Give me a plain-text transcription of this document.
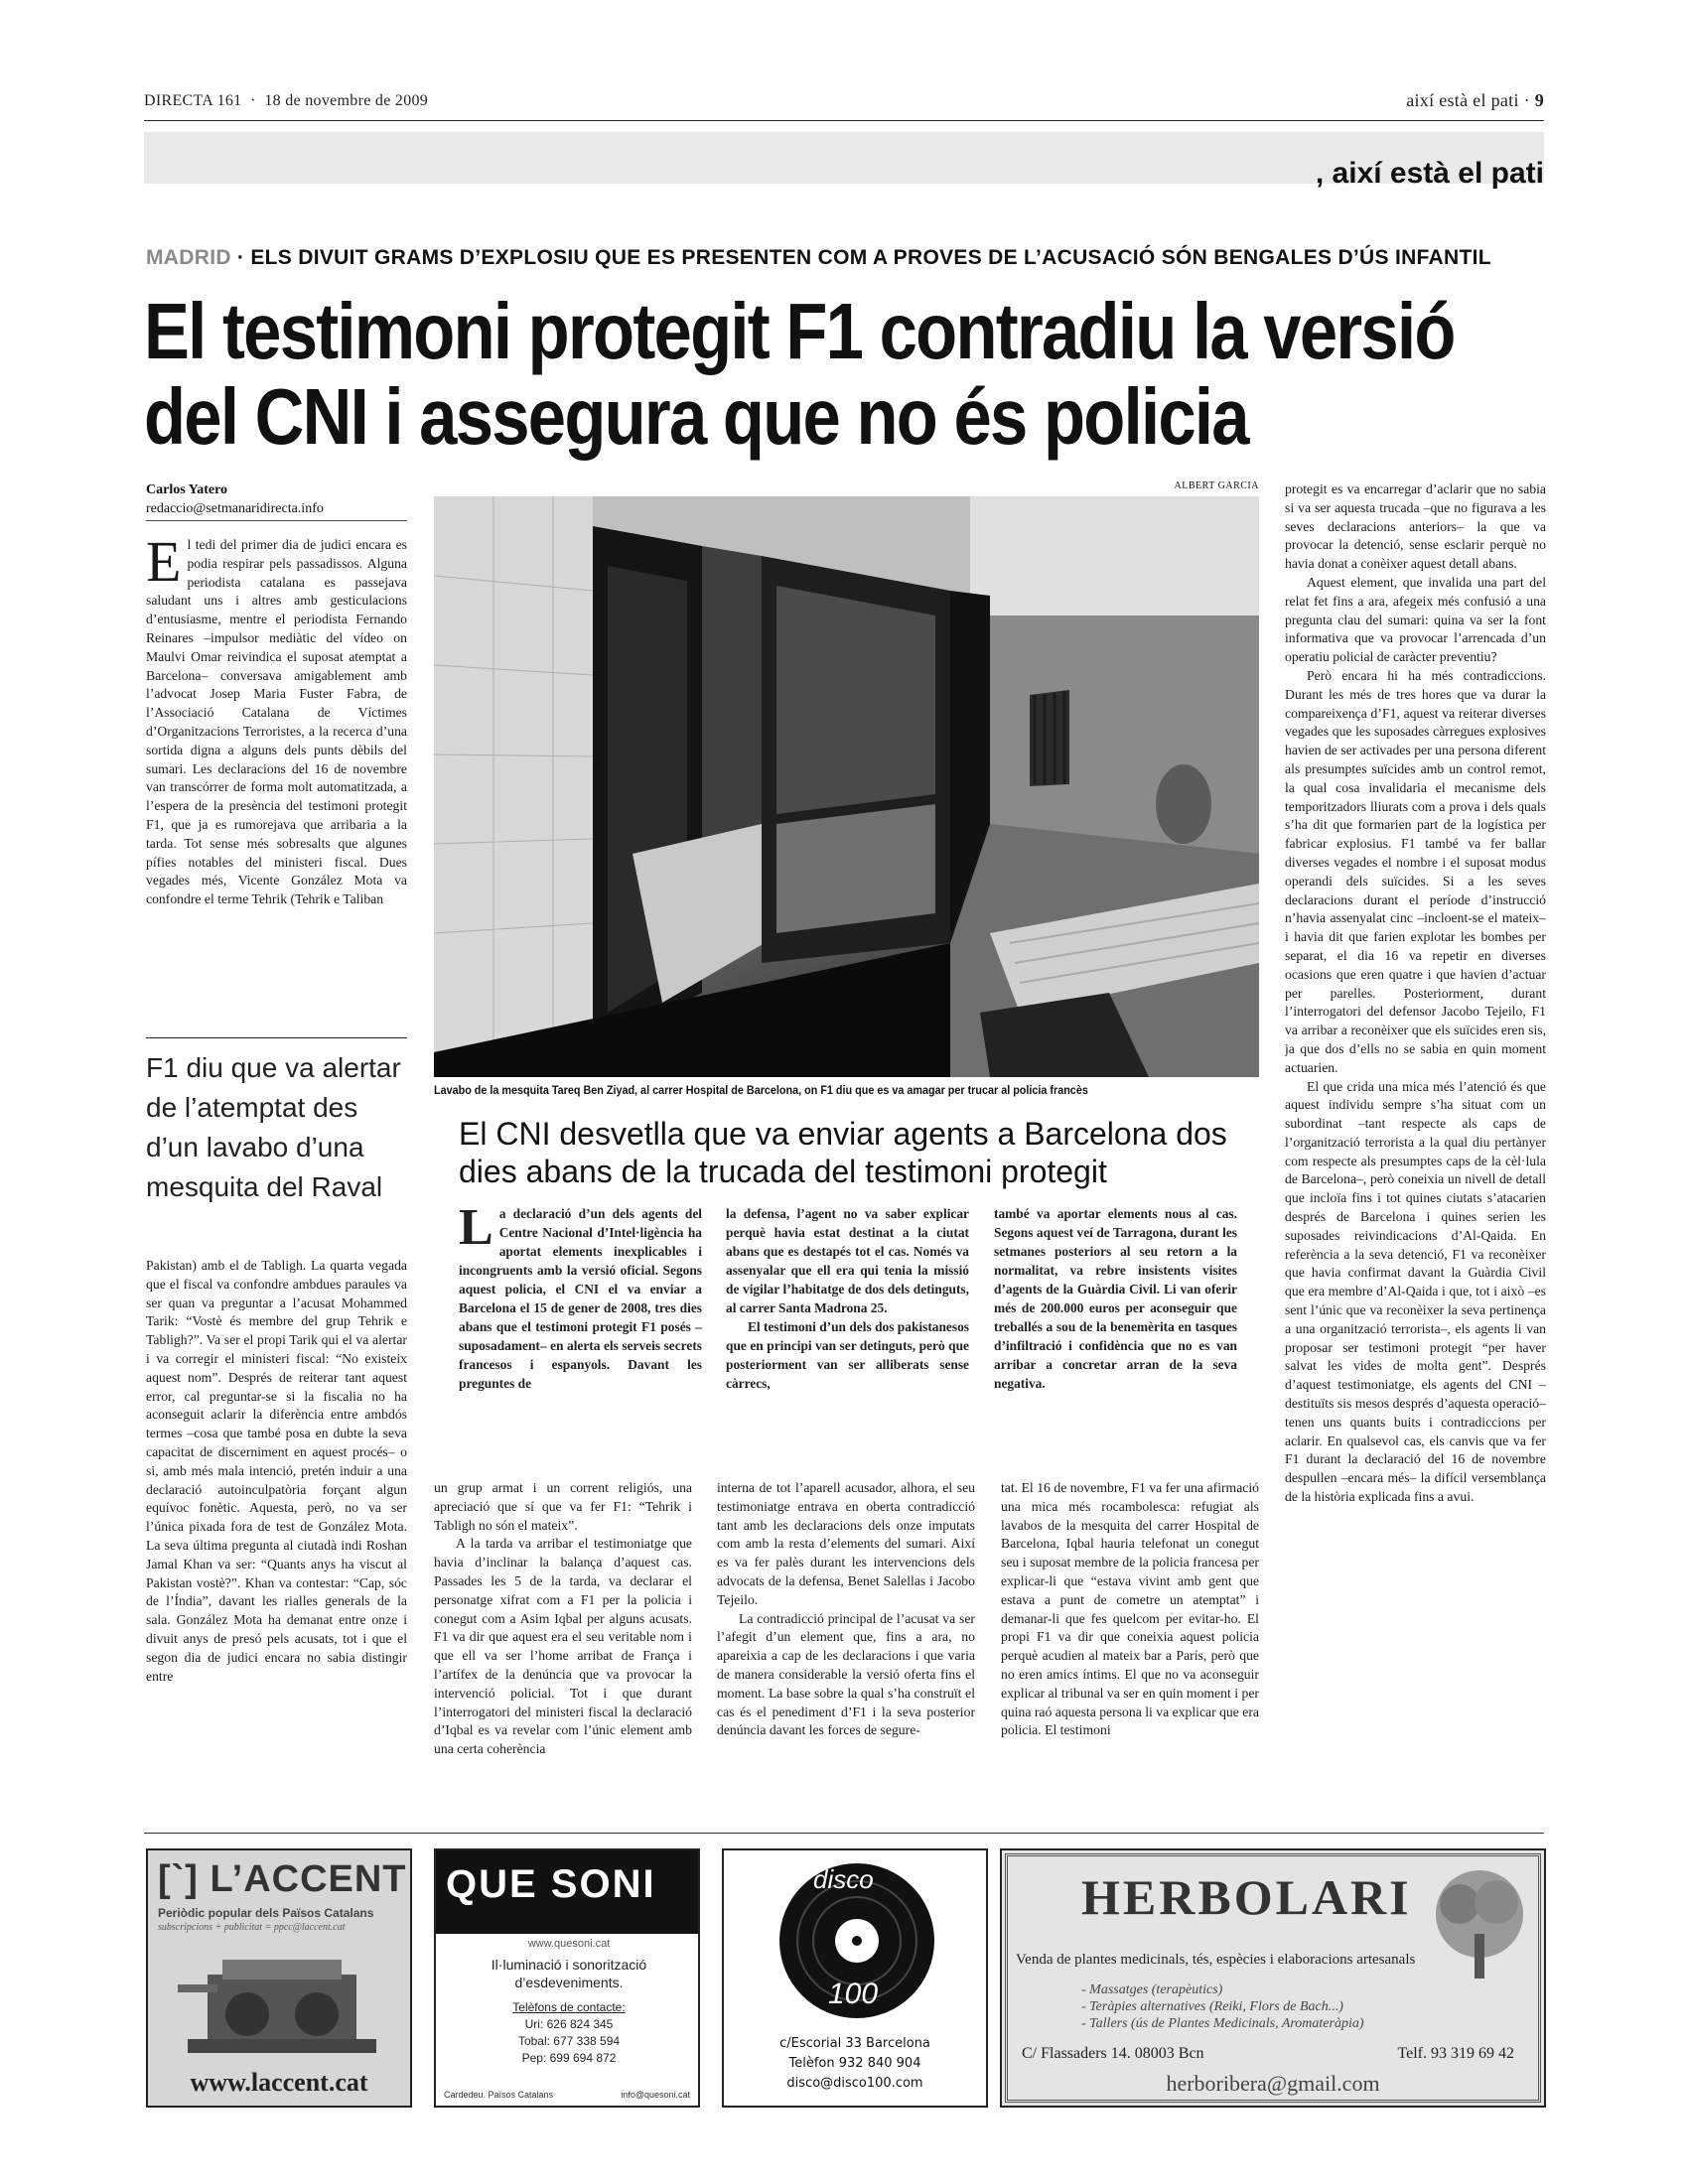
DIRECTA 161 · 18 de novembre de 2009	així està el pati · 9
, així està el pati
MADRID · ELS DIVUIT GRAMS D’EXPLOSIU QUE ES PRESENTEN COM A PROVES DE L’ACUSACIÓ SÓN BENGALES D’ÚS INFANTIL
El testimoni protegit F1 contradiu la versió
del CNI i assegura que no és policia
Carlos Yatero
redaccio@setmanaridirecta.info
E l tedi del primer dia de judici encara es podia respirar pels passadissos. Alguna periodista catalana es passejava saludant uns i altres amb gesticulacions d’entusiasme, mentre el periodista Fernando Reinares –impulsor mediàtic del vídeo on Maulvi Omar reivindica el suposat atemptat a Barcelona– conversava amigablement amb l’advocat Josep Maria Fuster Fabra, de l’Associació Catalana de Víctimes d’Organitzacions Terroristes, a la recerca d’una sortida digna a alguns dels punts dèbils del sumari. Les declaracions del 16 de novembre van transcórrer de forma molt automatitzada, a l’espera de la presència del testimoni protegit F1, que ja es rumorejava que arribaria a la tarda. Tot sense més sobresalts que algunes pífies notables del ministeri fiscal. Dues vegades més, Vicente González Mota va confondre el terme Tehrik (Tehrik e Taliban

F1 diu que va alertar de l’atemptat des d’un lavabo d’una mesquita del Raval

Pakistan) amb el de Tabligh. La quarta vegada que el fiscal va confondre ambdues paraules va ser quan va preguntar a l’acusat Mohammed Tarik: “Vostè és membre del grup Tehrik e Tabligh?”. Va ser el propi Tarik qui el va alertar i va corregir el ministeri fiscal: “No existeix aquest nom”. Després de reiterar tant aquest error, cal preguntar-se si la fiscalia no ha aconseguit aclarir la diferència entre ambdós termes –cosa que també posa en dubte la seva capacitat de discerniment en aquest procés– o si, amb més mala intenció, pretén induir a una declaració autoinculpatòria forçant algun equívoc fonètic. Aquesta, però, no va ser l’única pixada fora de test de González Mota. La seva última pregunta al ciutadà indi Roshan Jamal Khan va ser: “Quants anys ha viscut al Pakistan vostè?”. Khan va contestar: “Cap, sóc de l’Índia”, davant les rialles generals de la sala. González Mota ha demanat entre onze i divuit anys de presó pels acusats, tot i que el segon dia de judici encara no sabia distingir entre

ALBERT GARCIA
Lavabo de la mesquita Tareq Ben Ziyad, al carrer Hospital de Barcelona, on F1 diu que es va amagar per trucar al policia francès
El CNI desvetlla que va enviar agents a Barcelona dos dies abans de la trucada del testimoni protegit
L a declaració d’un dels agents del Centre Nacional d’Intel·ligència ha aportat elements inexplicables i incongruents amb la versió oficial. Segons aquest policia, el CNI el va enviar a Barcelona el 15 de gener de 2008, tres dies abans que el testimoni protegit F1 posés –suposadament– en alerta els serveis secrets francesos i espanyols. Davant les preguntes de

la defensa, l’agent no va saber explicar perquè havia estat destinat a la ciutat abans que es destapés tot el cas. Només va assenyalar que ell era qui tenia la missió de vigilar l’habitatge de dos dels detinguts, al carrer Santa Madrona 25.

El testimoni d’un dels dos pakistanesos que en principi van ser detinguts, però que posteriorment van ser alliberats sense càrrecs,

també va aportar elements nous al cas. Segons aquest veí de Tarragona, durant les setmanes posteriors al seu retorn a la normalitat, va rebre insistents visites d’agents de la Guàrdia Civil. Li van oferir més de 200.000 euros per aconseguir que treballés a sou de la benemèrita en tasques d’infiltració i confidència que no es van arribar a concretar arran de la seva negativa.

un grup armat i un corrent religiós, una apreciació que sí que va fer F1: “Tehrik i Tabligh no són el mateix”.

A la tarda va arribar el testimoniatge que havia d’inclinar la balança d’aquest cas. Passades les 5 de la tarda, va declarar el personatge xifrat com a F1 per la policia i conegut com a Asim Iqbal per alguns acusats. F1 va dir que aquest era el seu veritable nom i que ell va ser l’home arribat de França i l’artífex de la denúncia que va provocar la intervenció policial. Tot i que durant l’interrogatori del ministeri fiscal la declaració d’Iqbal es va revelar com l’únic element amb una certa coherència

interna de tot l’aparell acusador, alhora, el seu testimoniatge entrava en oberta contradicció tant amb les declaracions dels onze imputats com amb la resta d’elements del sumari. Així es va fer palès durant les intervencions dels advocats de la defensa, Benet Salellas i Jacobo Tejeilo.

La contradicció principal de l’acusat va ser l’afegit d’un element que, fins a ara, no apareixia a cap de les declaracions i que varia de manera considerable la versió oferta fins el moment. La base sobre la qual s’ha construït el cas és el penediment d’F1 i la seva posterior denúncia davant les forces de segure-

tat. El 16 de novembre, F1 va fer una afirmació una mica més rocambolesca: refugiat als lavabos de la mesquita del carrer Hospital de Barcelona, Iqbal hauria telefonat un conegut seu i suposat membre de la policia francesa per explicar-li que “estava vivint amb gent que estava a punt de cometre un atemptat” i demanar-li que fes quelcom per evitar-ho. El propi F1 va dir que coneixia aquest policia perquè acudien al mateix bar a París, però que no eren amics íntims. El que no va aconseguir explicar al tribunal va ser en quin moment i per quina raó aquesta persona li va explicar que era policia. El testimoni

protegit es va encarregar d’aclarir que no sabia si va ser aquesta trucada –que no figurava a les seves declaracions anteriors– la que va provocar la detenció, sense esclarir perquè no havia donat a conèixer aquest detall abans.

Aquest element, que invalida una part del relat fet fins a ara, afegeix més confusió a una pregunta clau del sumari: quina va ser la font informativa que va provocar l’arrencada d’un operatiu policial de caràcter preventiu?

Però encara hi ha més contradiccions. Durant les més de tres hores que va durar la compareixença d’F1, aquest va reiterar diverses vegades que les suposades càrregues explosives havien de ser activades per una persona diferent als presumptes suïcides amb un control remot, la qual cosa invalidaria el mecanisme dels temporitzadors lliurats com a prova i dels quals s’ha dit que formarien part de la logística per fabricar explosius. F1 també va fer ballar diverses vegades el nombre i el suposat modus operandi dels suïcides. Si a les seves declaracions durant el període d’instrucció n’havia assenyalat cinc –incloent-se el mateix– i havia dit que farien explotar les bombes per separat, el dia 16 va repetir en diverses ocasions que eren quatre i que havien d’actuar per parelles. Posteriorment, durant l’interrogatori del defensor Jacobo Tejeilo, F1 va arribar a reconèixer que els suïcides eren sis, ja que dos d’ells no se sabia en quin moment actuarien.

El que crida una mica més l’atenció és que aquest individu sempre s’ha situat com un subordinat –tant respecte als caps de l’organització terrorista a la qual diu pertànyer com respecte als presumptes caps de la cèl·lula de Barcelona–, però coneixia un nivell de detall que incloïa fins i tot quines ciutats s’atacarien després de Barcelona i quines serien les suposades reivindicacions d’Al-Qaida. En referència a la seva detenció, F1 va reconèixer que havia confirmat davant la Guàrdia Civil que era membre d’Al-Qaida i que, tot i això –es sent l’únic que va reconèixer la seva pertinença a una organització terrorista–, els agents li van proposar ser testimoni protegit “per haver salvat les vides de molta gent”. Després d’aquest testimoniatge, els agents del CNI –destituïts sis mesos després d’aquesta operació– tenen uns quants buits i contradiccions per aclarir. En qualsevol cas, els canvis que va fer F1 durant la declaració del 16 de novembre despullen –encara més– la difícil versemblança de la història explicada fins a avui.

[`] L’ACCENT
Periòdic popular dels Països Catalans
subscripcions + publicitat = ppcc@laccent.cat
www.laccent.cat
QUE SONI
www.quesoni.cat
Il·luminació i sonorització d’esdeveniments.
Telèfons de contacte:
Uri: 626 824 345
Tobal: 677 338 594
Pep: 699 694 872
Cardedeu. Països Catalans	info@quesoni.cat
disco
100
c/Escorial 33 Barcelona
Telèfon 932 840 904
disco@disco100.com
HERBOLARI
Venda de plantes medicinals, tés, espècies i elaboracions artesanals
- Massatges (terapèutics)
- Teràpies alternatives (Reiki, Flors de Bach...)
- Tallers (ús de Plantes Medicinals, Aromateràpia)
C/ Flassaders 14. 08003 Bcn	Telf. 93 319 69 42
herboribera@gmail.com
